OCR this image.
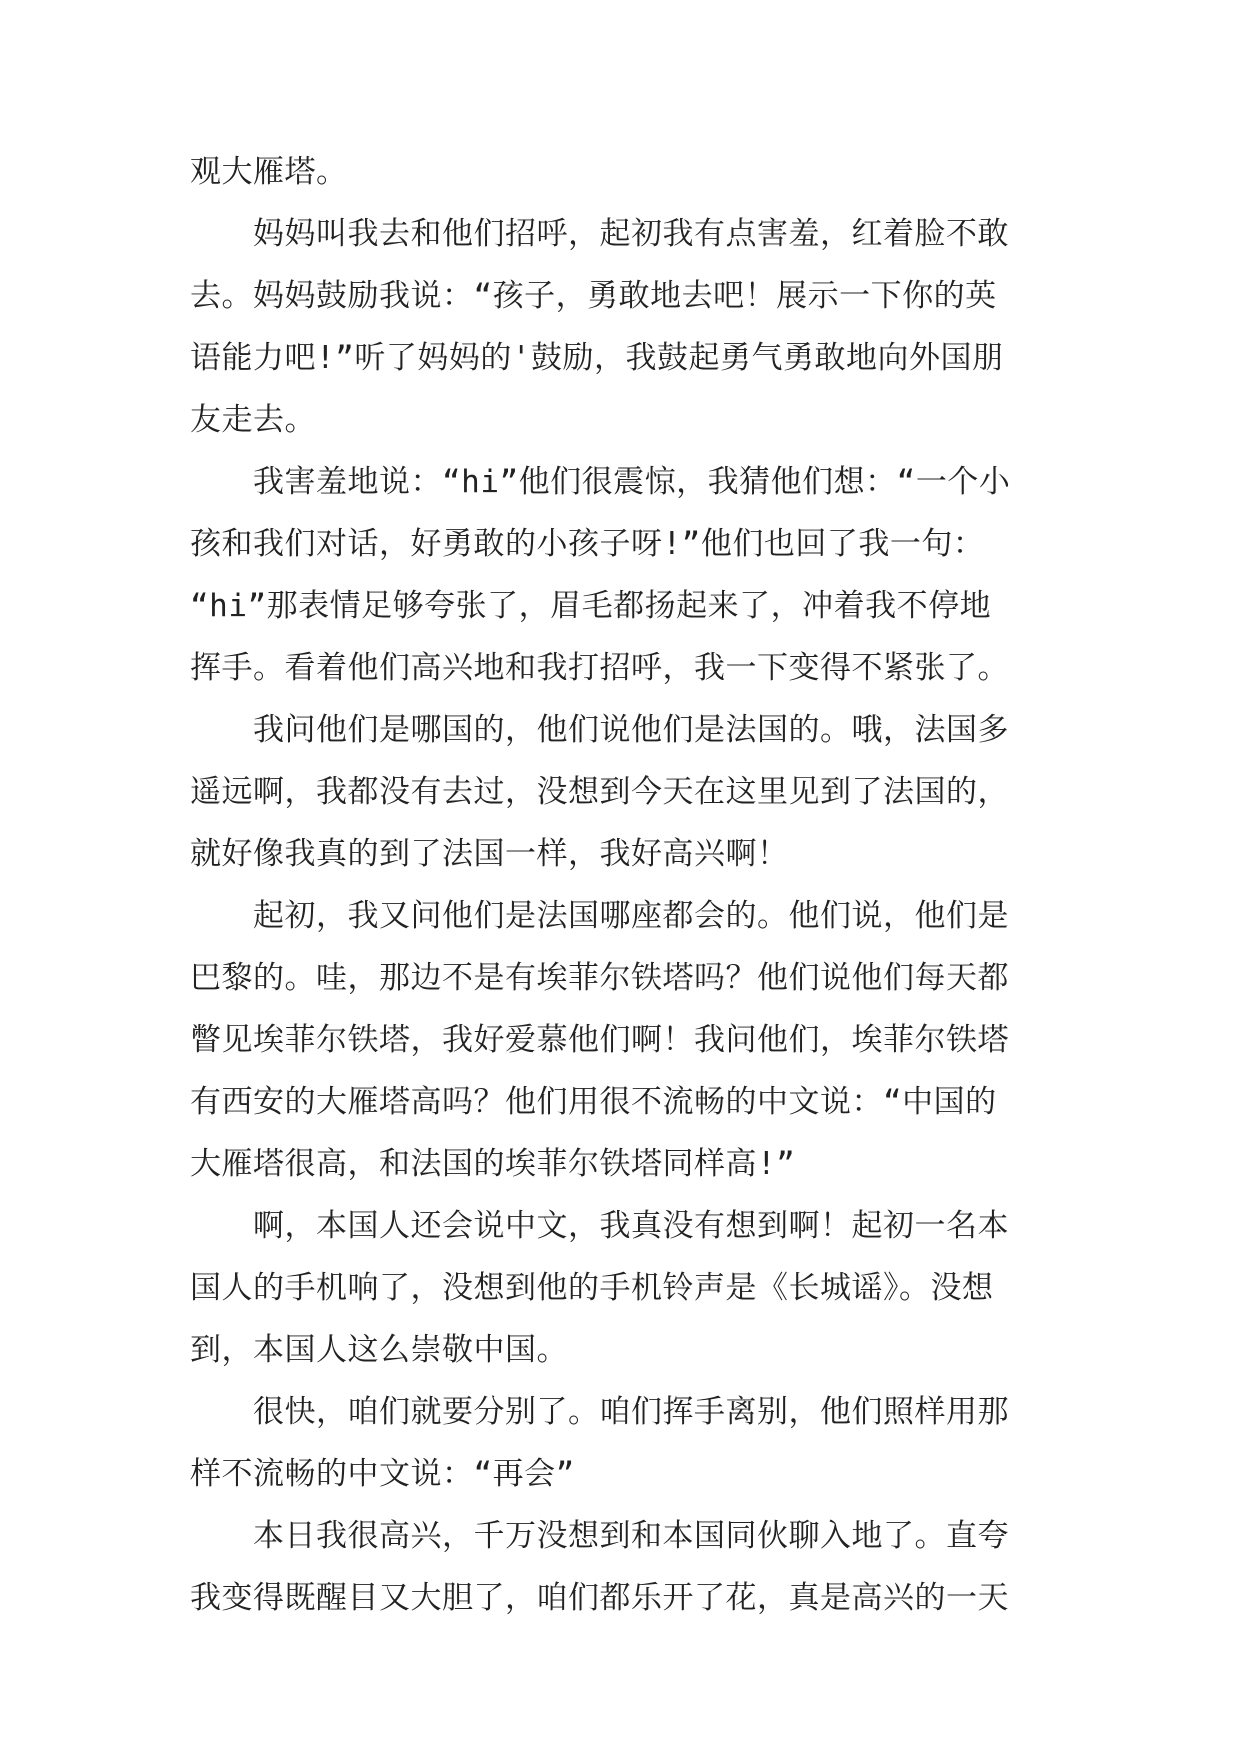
观大雁塔。
　　妈妈叫我去和他们招呼，起初我有点害羞，红着脸不敢
去。妈妈鼓励我说：“孩子，勇敢地去吧！展示一下你的英
语能力吧!”听了妈妈的'鼓励，我鼓起勇气勇敢地向外国朋
友走去。
　　我害羞地说：“hi”他们很震惊，我猜他们想：“一个小
孩和我们对话，好勇敢的小孩子呀!”他们也回了我一句：
“hi”那表情足够夸张了，眉毛都扬起来了，冲着我不停地
挥手。看着他们高兴地和我打招呼，我一下变得不紧张了。
　　我问他们是哪国的，他们说他们是法国的。哦，法国多
遥远啊，我都没有去过，没想到今天在这里见到了法国的，
就好像我真的到了法国一样，我好高兴啊！
　　起初，我又问他们是法国哪座都会的。他们说，他们是
巴黎的。哇，那边不是有埃菲尔铁塔吗？他们说他们每天都
瞥见埃菲尔铁塔，我好爱慕他们啊！我问他们，埃菲尔铁塔
有西安的大雁塔高吗？他们用很不流畅的中文说：“中国的
大雁塔很高，和法国的埃菲尔铁塔同样高!”
　　啊，本国人还会说中文，我真没有想到啊！起初一名本
国人的手机响了，没想到他的手机铃声是《长城谣》。没想
到，本国人这么崇敬中国。
　　很快，咱们就要分别了。咱们挥手离别，他们照样用那
样不流畅的中文说：“再会”
　　本日我很高兴，千万没想到和本国同伙聊入地了。直夸
我变得既醒目又大胆了，咱们都乐开了花，真是高兴的一天
